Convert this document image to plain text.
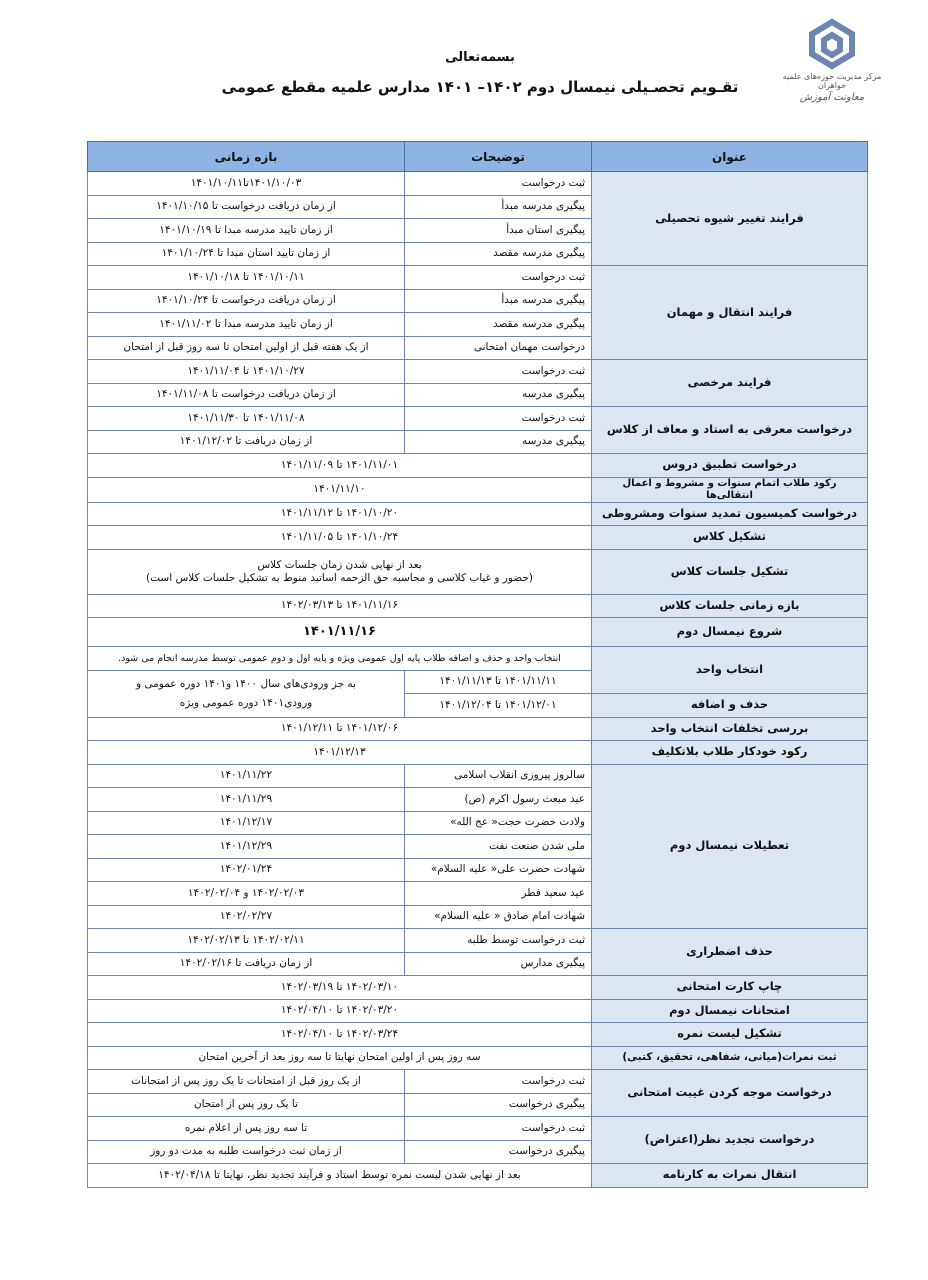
بسمه‌تعالی
تقـویم تحصـیلی نیمسال دوم ۱۴۰۲– ۱۴۰۱ مدارس علمیه مقطع عمومی
مرکز مدیریت حوزه‌های علمیه خواهران
معاونت آموزش
عنوان	توضیحات	بازه زمانی
فرایند تغییر شیوه تحصیلی	ثبت درخواست	۱۴۰۱/۱۰/۰۳تا۱۴۰۱/۱۰/۱۱
	پیگیری مدرسه مبدأ	از زمان دریافت درخواست تا ۱۴۰۱/۱۰/۱۵
	پیگیری استان مبدأ	از زمان تایید مدرسه مبدا تا ۱۴۰۱/۱۰/۱۹
	پیگیری مدرسه مقصد	از زمان تایید استان مبدا تا ۱۴۰۱/۱۰/۲۴
فرایند انتقال و مهمان	ثبت درخواست	۱۴۰۱/۱۰/۱۱ تا ۱۴۰۱/۱۰/۱۸
	پیگیری مدرسه مبدأ	از زمان دریافت درخواست تا ۱۴۰۱/۱۰/۲۴
	پیگیری مدرسه مقصد	از زمان تایید مدرسه مبدا تا ۱۴۰۱/۱۱/۰۲
	درخواست مهمان امتحانی	از یک هفته قبل از اولین امتحان تا سه روز قبل از امتحان
فرایند مرخصی	ثبت درخواست	۱۴۰۱/۱۰/۲۷ تا ۱۴۰۱/۱۱/۰۴
	پیگیری مدرسه	از زمان دریافت درخواست تا ۱۴۰۱/۱۱/۰۸
درخواست معرفی به استاد و معاف از کلاس	ثبت درخواست	۱۴۰۱/۱۱/۰۸ تا ۱۴۰۱/۱۱/۳۰
	پیگیری مدرسه	از زمان دریافت تا ۱۴۰۱/۱۲/۰۲
درخواست تطبیق دروس	۱۴۰۱/۱۱/۰۱ تا ۱۴۰۱/۱۱/۰۹	
رکود طلاب اتمام سنوات و مشروط و اعمال انتقالی‌ها	۱۴۰۱/۱۱/۱۰	
درخواست کمیسیون تمدید سنوات ومشروطی	۱۴۰۱/۱۰/۲۰ تا ۱۴۰۱/۱۱/۱۲	
تشکیل کلاس	۱۴۰۱/۱۰/۲۴ تا ۱۴۰۱/۱۱/۰۵	
تشکیل جلسات کلاس	بعد از نهایی شدن زمان جلسات کلاس
(حضور و غیاب کلاسی و محاسبه حق الزحمه اساتید منوط به تشکیل جلسات کلاس است)	

بازه زمانی جلسات کلاس	۱۴۰۱/۱۱/۱۶ تا ۱۴۰۲/۰۳/۱۳	
شروع نیمسال دوم	۱۴۰۱/۱۱/۱۶	
انتخاب واحد	انتخاب واحد و حذف و اضافه طلاب پایه اول عمومی ویژه و پایه اول و دوم عمومی توسط مدرسه انجام می شود.	
	۱۴۰۱/۱۱/۱۱ تا ۱۴۰۱/۱۱/۱۳	به جز ورودی‌های سال ۱۴۰۰ و۱۴۰۱ دوره عمومی و
ورودی۱۴۰۱ دوره عمومی ویژه

حذف و اضافه	۱۴۰۱/۱۲/۰۱ تا ۱۴۰۱/۱۲/۰۴	
بررسی تخلفات انتخاب واحد	۱۴۰۱/۱۲/۰۶ تا ۱۴۰۱/۱۲/۱۱	
رکود خودکار طلاب بلاتکلیف	۱۴۰۱/۱۲/۱۳	
تعطیلات نیمسال دوم	سالروز پیروزی انقلاب اسلامی	۱۴۰۱/۱۱/۲۲
	عید مبعث رسول اکرم (ص)	۱۴۰۱/۱۱/۲۹
	ولادت حضرت حجت« عج الله»	۱۴۰۱/۱۲/۱۷
	ملی شدن صنعت نفت	۱۴۰۱/۱۲/۲۹
	شهادت حضرت علی« علیه السلام»	۱۴۰۲/۰۱/۲۴
	عید سعید فطر	۱۴۰۲/۰۲/۰۳ و ۱۴۰۲/۰۲/۰۴
	شهادت امام صادق « علیه السلام»	۱۴۰۲/۰۲/۲۷
حذف اضطراری	ثبت درخواست توسط طلبه	۱۴۰۲/۰۲/۱۱ تا ۱۴۰۲/۰۲/۱۳
	پیگیری مدارس	از زمان دریافت تا ۱۴۰۲/۰۲/۱۶
چاپ کارت امتحانی	۱۴۰۲/۰۳/۱۰ تا ۱۴۰۲/۰۳/۱۹	
امتحانات نیمسال دوم	۱۴۰۲/۰۳/۲۰ تا ۱۴۰۲/۰۴/۱۰	
تشکیل لیست نمره	۱۴۰۲/۰۳/۲۴ تا ۱۴۰۲/۰۴/۱۰	
ثبت نمرات(میانی، شفاهی، تحقیق، کتبی)	سه روز پس از اولین امتحان نهایتا تا سه روز بعد از آخرین امتحان	
درخواست موجه کردن غیبت امتحانی	ثبت درخواست	از یک روز قبل از امتحانات تا یک روز پس از امتحانات
	پیگیری درخواست	تا یک روز پس از امتحان
درخواست تجدید نظر(اعتراض)	ثبت درخواست	تا سه روز پس از اعلام نمره
	پیگیری درخواست	از زمان ثبت درخواست طلبه به مدت دو روز
انتقال نمرات به کارنامه	بعد از نهایی شدن لیست نمره توسط استاد و فرآیند تجدید نظر، نهایتا تا ۱۴۰۲/۰۴/۱۸	
